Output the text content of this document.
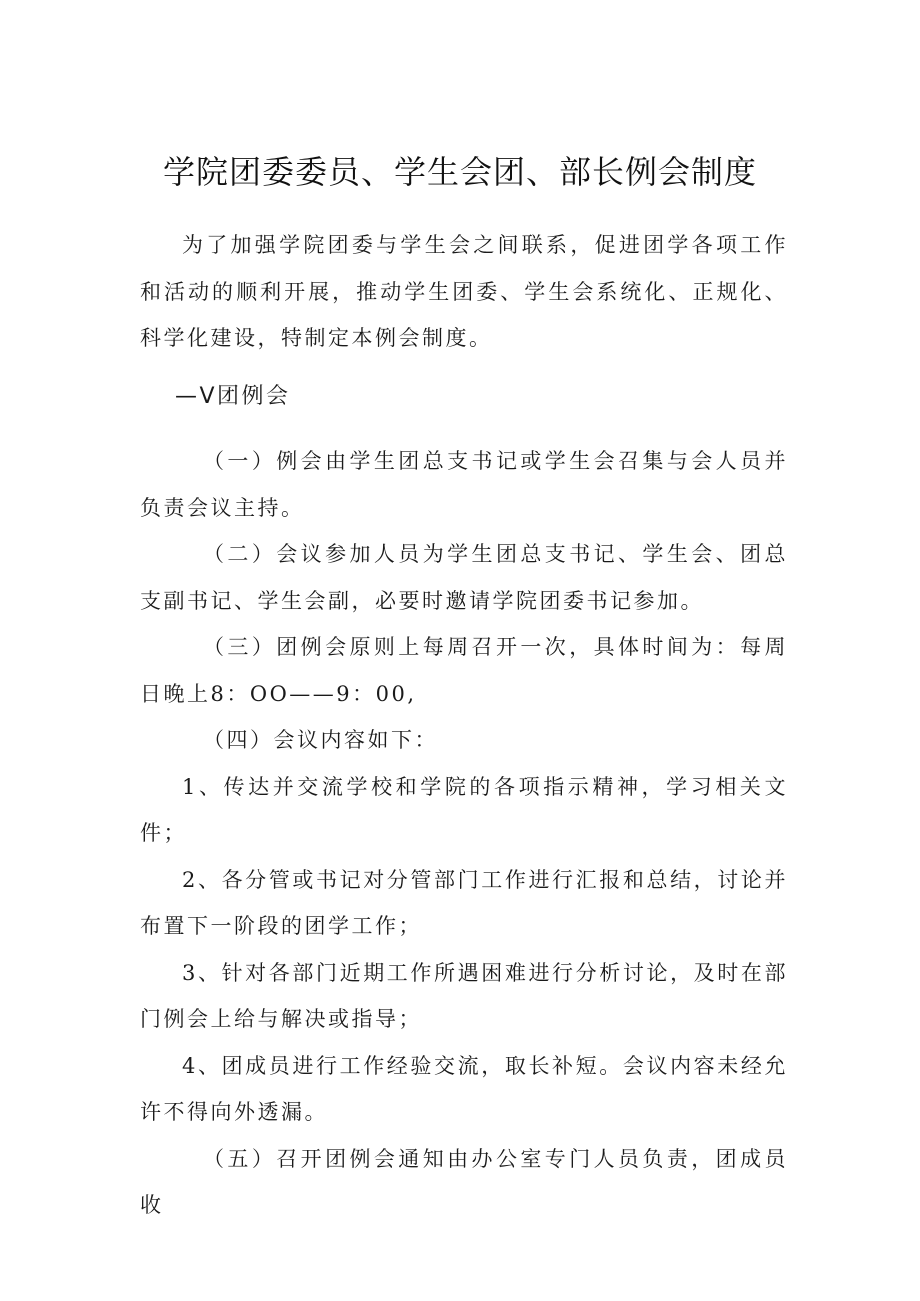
学院团委委员、学生会团、部长例会制度

为了加强学院团委与学生会之间联系，促进团学各项工作和活动的顺利开展，推动学生团委、学生会系统化、正规化、科学化建设，特制定本例会制度。

—V团例会

（一）例会由学生团总支书记或学生会召集与会人员并负责会议主持。

（二）会议参加人员为学生团总支书记、学生会、团总支副书记、学生会副，必要时邀请学院团委书记参加。

（三）团例会原则上每周召开一次，具体时间为：每周日晚上8：OO——9：00,

（四）会议内容如下：

1、传达并交流学校和学院的各项指示精神，学习相关文件；

2、各分管或书记对分管部门工作进行汇报和总结，讨论并布置下一阶段的团学工作；

3、针对各部门近期工作所遇困难进行分析讨论，及时在部门例会上给与解决或指导；

4、团成员进行工作经验交流，取长补短。会议内容未经允许不得向外透漏。

（五）召开团例会通知由办公室专门人员负责，团成员收
